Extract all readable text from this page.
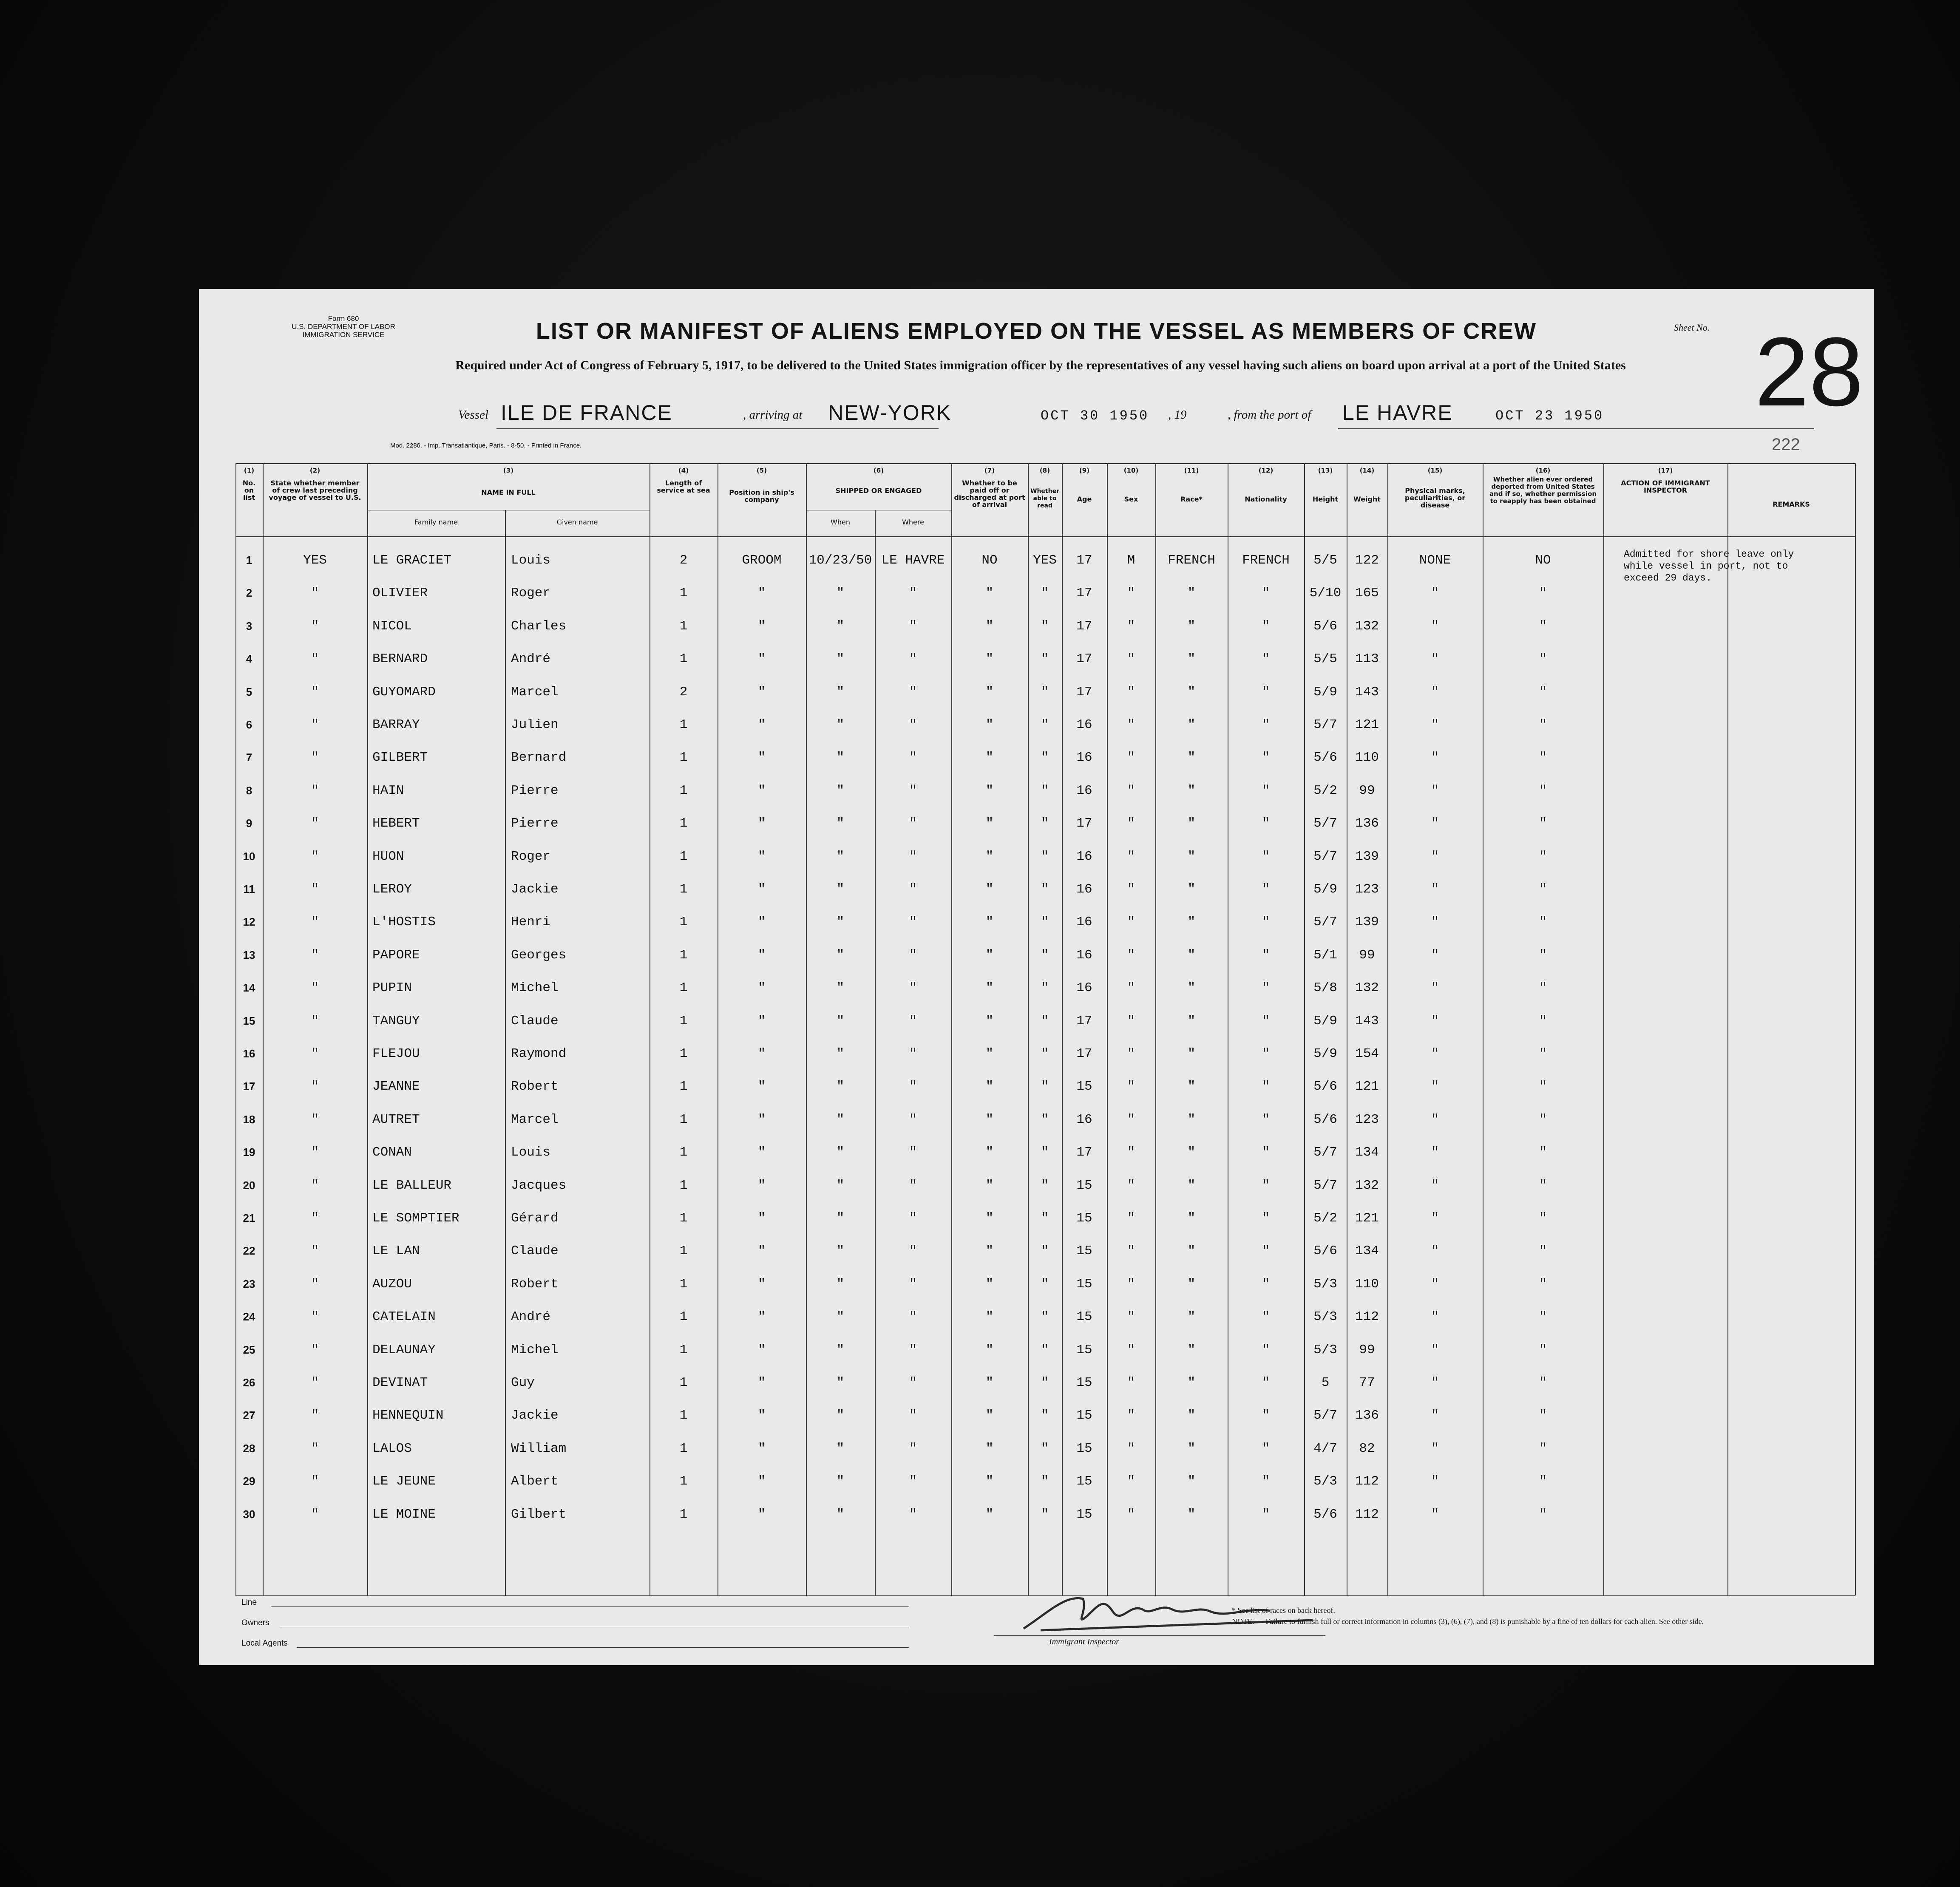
Form 680
U.S. DEPARTMENT OF LABOR
IMMIGRATION SERVICE	LIST OR MANIFEST OF ALIENS EMPLOYED ON THE VESSEL AS MEMBERS OF CREW	Sheet No. 28
Required under Act of Congress of February 5, 1917, to be delivered to the United States immigration officer by the representatives of any vessel having such aliens on board upon arrival at a port of the United States
Vessel ILE DE FRANCE	, arriving at NEW-YORK	OCT 30 1950 , 19	, from the port of LE HAVRE	OCT 23 1950
Mod. 2286. - Imp. Transatlantique, Paris. - 8-50. - Printed in France.	222
(1)	(2)	(3)	(4)	(5)	(6)	(7)	(8)	(9)	(10)	(11)	(12)	(13)	(14)	(15)	(16)	(17)
No. on list
State whether member of crew last preceding voyage of vessel to U.S.
NAME IN FULL
Family name	Given name
Length of service at sea	Position in ship's company
SHIPPED OR ENGAGED
When	Where
Whether to be paid off or discharged at port of arrival
Whether able to read
Age	Sex	Race*	Nationality	Height	Weight
Physical marks, peculiarities, or disease
Whether alien ever ordered deported from United States and if so, whether permission to reapply has been obtained
ACTION OF IMMIGRANT INSPECTOR
REMARKS
1	YES	LE GRACIET	Louis	2	GROOM	10/23/50 LE HAVRE	NO	YES	17	M	FRENCH	FRENCH	5/5	122	NONE	NO
2	"	OLIVIER	Roger	1	"	"	"	"	"	17	"	"	"	5/10	165	"	"
3	"	NICOL	Charles	1	"	"	"	"	"	17	"	"	"	5/6	132	"	"
4	"	BERNARD	André	1	"	"	"	"	"	17	"	"	"	5/5	113	"	"
5	"	GUYOMARD	Marcel	2	"	"	"	"	"	17	"	"	"	5/9	143	"	"
6	"	BARRAY	Julien	1	"	"	"	"	"	16	"	"	"	5/7	121	"	"
7	"	GILBERT	Bernard	1	"	"	"	"	"	16	"	"	"	5/6	110	"	"
8	"	HAIN	Pierre	1	"	"	"	"	"	16	"	"	"	5/2	99	"	"
9	"	HEBERT	Pierre	1	"	"	"	"	"	17	"	"	"	5/7	136	"	"
10	"	HUON	Roger	1	"	"	"	"	"	16	"	"	"	5/7	139	"	"
11	"	LEROY	Jackie	1	"	"	"	"	"	16	"	"	"	5/9	123	"	"
12	"	L'HOSTIS	Henri	1	"	"	"	"	"	16	"	"	"	5/7	139	"	"
13	"	PAPORE	Georges	1	"	"	"	"	"	16	"	"	"	5/1	99	"	"
14	"	PUPIN	Michel	1	"	"	"	"	"	16	"	"	"	5/8	132	"	"
15	"	TANGUY	Claude	1	"	"	"	"	"	17	"	"	"	5/9	143	"	"
16	"	FLEJOU	Raymond	1	"	"	"	"	"	17	"	"	"	5/9	154	"	"
17	"	JEANNE	Robert	1	"	"	"	"	"	15	"	"	"	5/6	121	"	"
18	"	AUTRET	Marcel	1	"	"	"	"	"	16	"	"	"	5/6	123	"	"
19	"	CONAN	Louis	1	"	"	"	"	"	17	"	"	"	5/7	134	"	"
20	"	LE BALLEUR	Jacques	1	"	"	"	"	"	15	"	"	"	5/7	132	"	"
21	"	LE SOMPTIER	Gérard	1	"	"	"	"	"	15	"	"	"	5/2	121	"	"
22	"	LE LAN	Claude	1	"	"	"	"	"	15	"	"	"	5/6	134	"	"
23	"	AUZOU	Robert	1	"	"	"	"	"	15	"	"	"	5/3	110	"	"
24	"	CATELAIN	André	1	"	"	"	"	"	15	"	"	"	5/3	112	"	"
25	"	DELAUNAY	Michel	1	"	"	"	"	"	15	"	"	"	5/3	99	"	"
26	"	DEVINAT	Guy	1	"	"	"	"	"	15	"	"	"	5	77	"	"
27	"	HENNEQUIN	Jackie	1	"	"	"	"	"	15	"	"	"	5/7	136	"	"
28	"	LALOS	William	1	"	"	"	"	"	15	"	"	"	4/7	82	"	"
29	"	LE JEUNE	Albert	1	"	"	"	"	"	15	"	"	"	5/3	112	"	"
30	"	LE MOINE	Gilbert	1	"	"	"	"	"	15	"	"	"	5/6	112	"	"
Admitted for shore leave only while vessel in port, not to exceed 29 days.
Line
Owners
Local Agents	Immigrant Inspector
* See list of races on back hereof.
NOTE. — Failure to furnish full or correct information in columns (3), (6), (7), and (8) is punishable by a fine of ten dollars for each alien. See other side.
